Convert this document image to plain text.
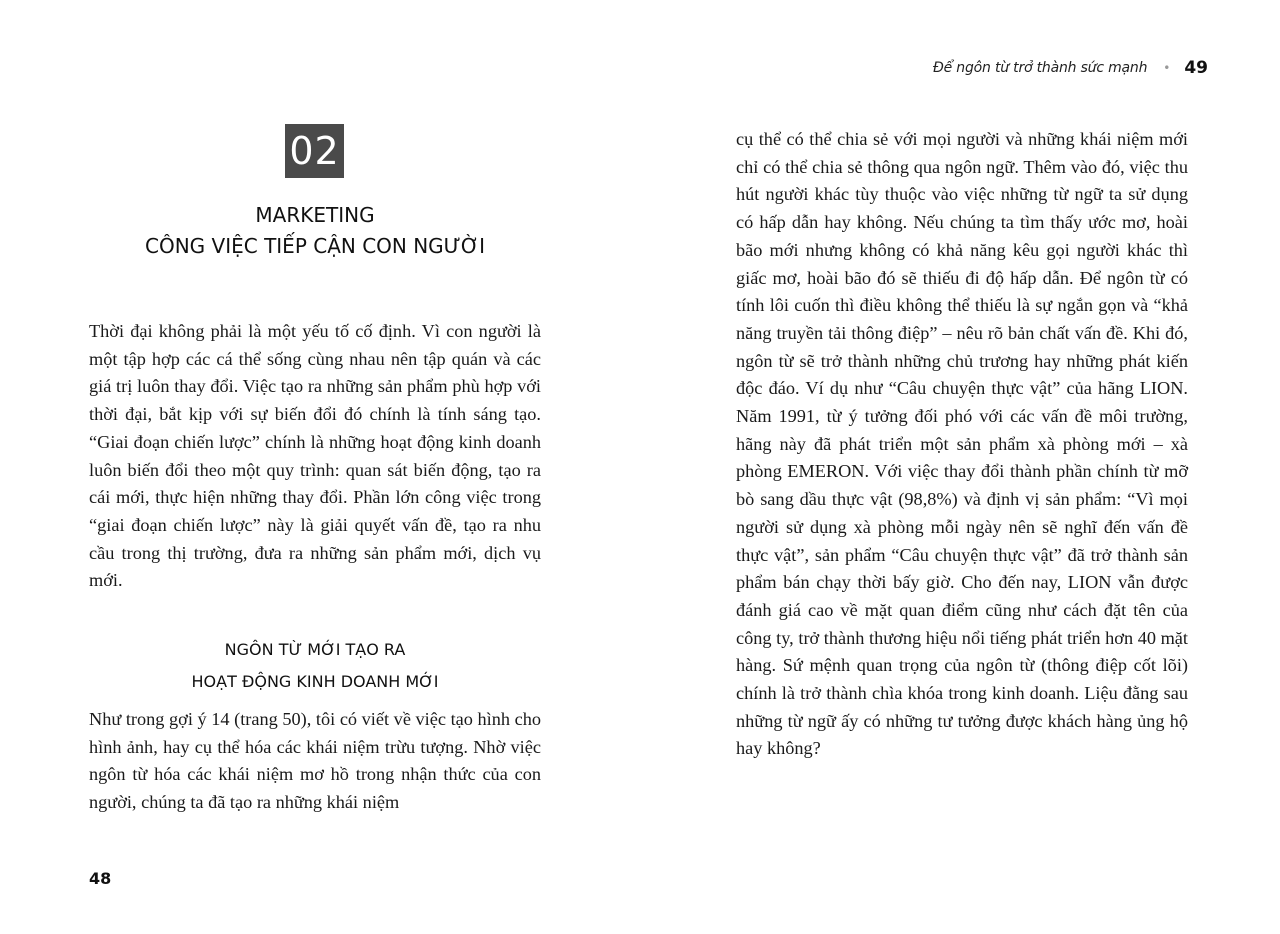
02
MARKETING
CÔNG VIỆC TIẾP CẬN CON NGƯỜI
Thời đại không phải là một yếu tố cố định. Vì con người là một tập hợp các cá thể sống cùng nhau nên tập quán và các giá trị luôn thay đổi. Việc tạo ra những sản phẩm phù hợp với thời đại, bắt kịp với sự biến đổi đó chính là tính sáng tạo. “Giai đoạn chiến lược” chính là những hoạt động kinh doanh luôn biến đổi theo một quy trình: quan sát biến động, tạo ra cái mới, thực hiện những thay đổi. Phần lớn công việc trong “giai đoạn chiến lược” này là giải quyết vấn đề, tạo ra nhu cầu trong thị trường, đưa ra những sản phẩm mới, dịch vụ mới.
NGÔN TỪ MỚI TẠO RA
HOẠT ĐỘNG KINH DOANH MỚI
Như trong gợi ý 14 (trang 50), tôi có viết về việc tạo hình cho hình ảnh, hay cụ thể hóa các khái niệm trừu tượng. Nhờ việc ngôn từ hóa các khái niệm mơ hồ trong nhận thức của con người, chúng ta đã tạo ra những khái niệm
48
Để ngôn từ trở thành sức mạnh • 49
cụ thể có thể chia sẻ với mọi người và những khái niệm mới chỉ có thể chia sẻ thông qua ngôn ngữ. Thêm vào đó, việc thu hút người khác tùy thuộc vào việc những từ ngữ ta sử dụng có hấp dẫn hay không. Nếu chúng ta tìm thấy ước mơ, hoài bão mới nhưng không có khả năng kêu gọi người khác thì giấc mơ, hoài bão đó sẽ thiếu đi độ hấp dẫn. Để ngôn từ có tính lôi cuốn thì điều không thể thiếu là sự ngắn gọn và “khả năng truyền tải thông điệp” – nêu rõ bản chất vấn đề. Khi đó, ngôn từ sẽ trở thành những chủ trương hay những phát kiến độc đáo. Ví dụ như “Câu chuyện thực vật” của hãng LION. Năm 1991, từ ý tưởng đối phó với các vấn đề môi trường, hãng này đã phát triển một sản phẩm xà phòng mới – xà phòng EMERON. Với việc thay đổi thành phần chính từ mỡ bò sang dầu thực vật (98,8%) và định vị sản phẩm: “Vì mọi người sử dụng xà phòng mỗi ngày nên sẽ nghĩ đến vấn đề thực vật”, sản phẩm “Câu chuyện thực vật” đã trở thành sản phẩm bán chạy thời bấy giờ. Cho đến nay, LION vẫn được đánh giá cao về mặt quan điểm cũng như cách đặt tên của công ty, trở thành thương hiệu nổi tiếng phát triển hơn 40 mặt hàng. Sứ mệnh quan trọng của ngôn từ (thông điệp cốt lõi) chính là trở thành chìa khóa trong kinh doanh. Liệu đằng sau những từ ngữ ấy có những tư tưởng được khách hàng ủng hộ hay không?
